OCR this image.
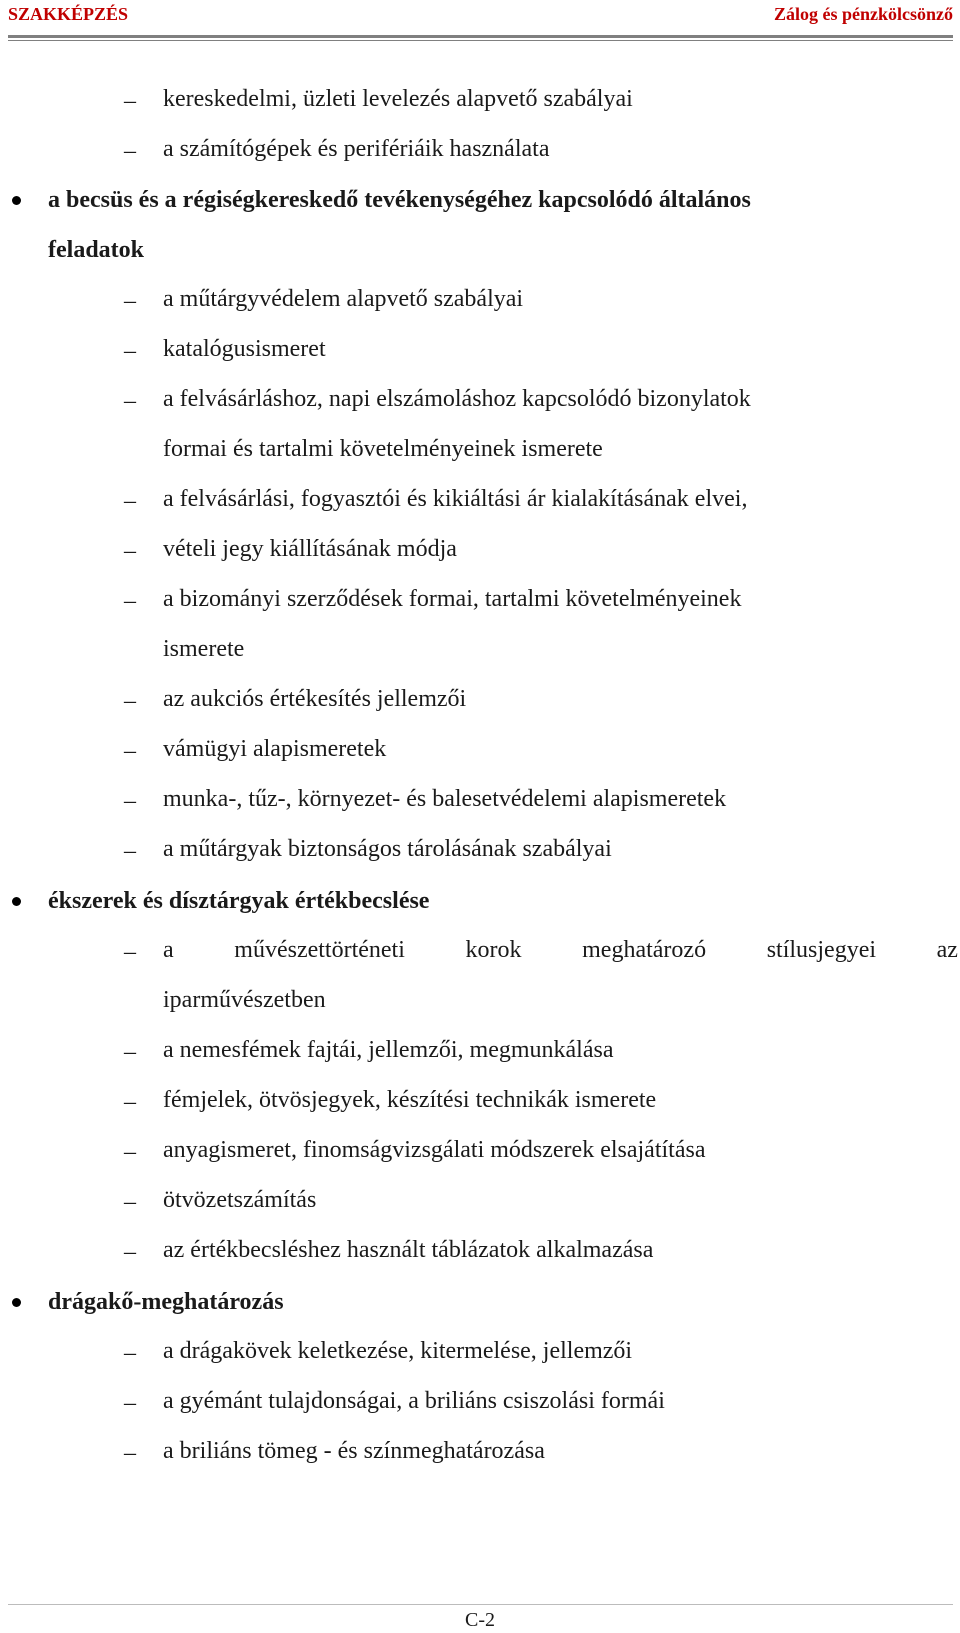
SZAKKÉPZÉS	Zálog és pénzkölcsönző
– kereskedelmi, üzleti levelezés alapvető szabályai
– a számítógépek és perifériáik használata
a becsüs és a régiségkereskedő tevékenységéhez kapcsolódó általános
feladatok
– a műtárgyvédelem alapvető szabályai
– katalógusismeret
– a felvásárláshoz, napi elszámoláshoz kapcsolódó bizonylatok
formai és tartalmi követelményeinek ismerete
– a felvásárlási, fogyasztói és kikiáltási ár kialakításának elvei,
– vételi jegy kiállításának módja
– a bizományi szerződések formai, tartalmi követelményeinek
ismerete
– az aukciós értékesítés jellemzői
– vámügyi alapismeretek
– munka-, tűz-, környezet- és balesetvédelemi alapismeretek
– a műtárgyak biztonságos tárolásának szabályai
ékszerek és dísztárgyak értékbecslése
– a	művészettörténeti	korok	meghatározó	stílusjegyei	az
iparművészetben
– a nemesfémek fajtái, jellemzői, megmunkálása
– fémjelek, ötvösjegyek, készítési technikák ismerete
– anyagismeret, finomságvizsgálati módszerek elsajátítása
– ötvözetszámítás
– az értékbecsléshez használt táblázatok alkalmazása
drágakő-meghatározás
– a drágakövek keletkezése, kitermelése, jellemzői
– a gyémánt tulajdonságai, a briliáns csiszolási formái
– a briliáns tömeg - és színmeghatározása
C-2
